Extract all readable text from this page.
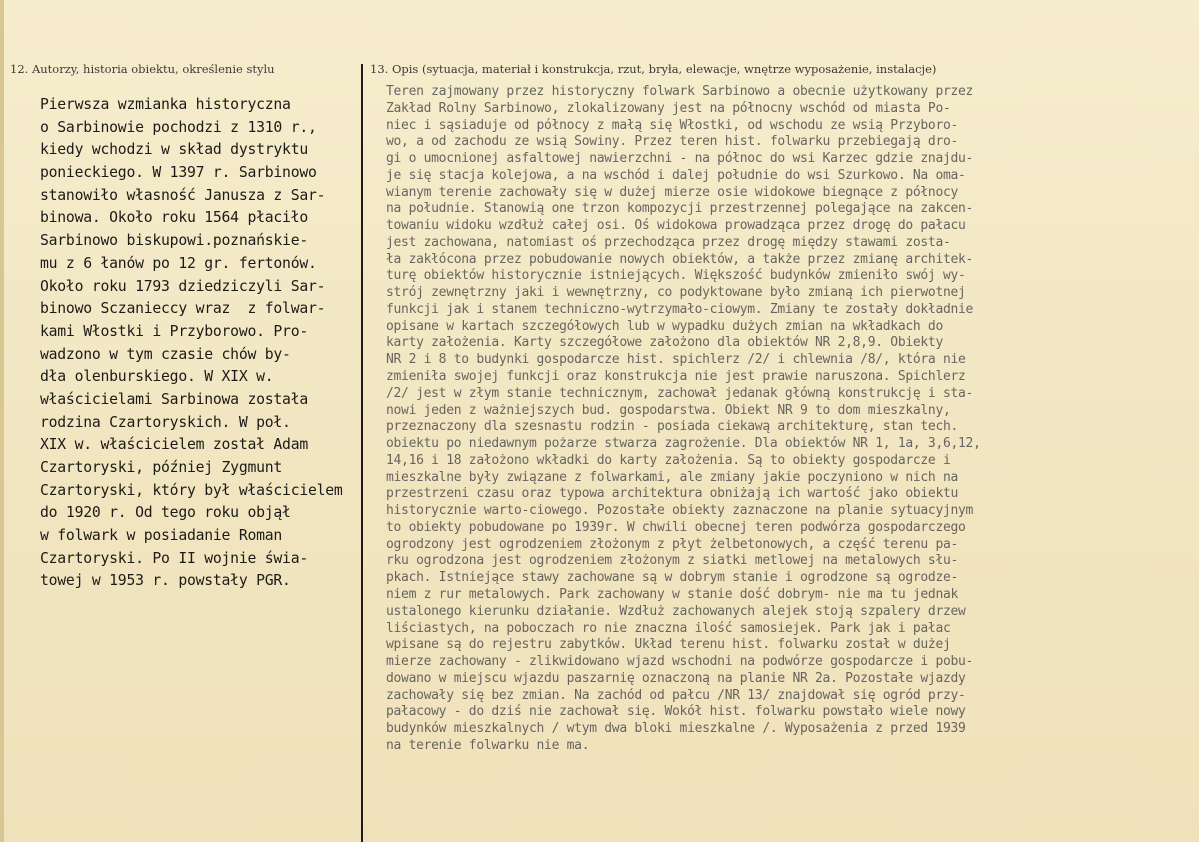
12. Autorzy, historia obiektu, określenie stylu	13. Opis (sytuacja, materiał i konstrukcja, rzut, bryła, elewacje, wnętrze wyposażenie, instalacje)
Pierwsza wzmianka historyczna
o Sarbinowie pochodzi z 1310 r.,
kiedy wchodzi w skład dystryktu
ponieckiego. W 1397 r. Sarbinowo
stanowiło własność Janusza z Sar-
binowa. Około roku 1564 płaciło
Sarbinowo biskupowi.poznańskie-
mu z 6 łanów po 12 gr. fertonów.
Około roku 1793 dziedziczyli Sar-
binowo Sczanieccy wraz  z folwar-
kami Włostki i Przyborowo. Pro-
wadzono w tym czasie chów by-
dła olenburskiego. W XIX w.
właścicielami Sarbinowa została
rodzina Czartoryskich. W poł.
XIX w. właścicielem został Adam
Czartoryski, później Zygmunt
Czartoryski, który był właścicielem
do 1920 r. Od tego roku objął
w folwark w posiadanie Roman
Czartoryski. Po II wojnie świa-
towej w 1953 r. powstały PGR.
Teren zajmowany przez historyczny folwark Sarbinowo a obecnie użytkowany przez
Zakład Rolny Sarbinowo, zlokalizowany jest na północny wschód od miasta Po-
niec i sąsiaduje od północy z małą się Włostki, od wschodu ze wsią Przyboro-
wo, a od zachodu ze wsią Sowiny. Przez teren hist. folwarku przebiegają dro-
gi o umocnionej asfaltowej nawierzchni - na północ do wsi Karzec gdzie znajdu-
je się stacja kolejowa, a na wschód i dalej południe do wsi Szurkowo. Na oma-
wianym terenie zachowały się w dużej mierze osie widokowe biegnące z północy
na południe. Stanowią one trzon kompozycji przestrzennej polegające na zakcen-
towaniu widoku wzdłuż całej osi. Oś widokowa prowadząca przez drogę do pałacu
jest zachowana, natomiast oś przechodząca przez drogę między stawami zosta-
ła zakłócona przez pobudowanie nowych obiektów, a także przez zmianę architek-
turę obiektów historycznie istniejących. Większość budynków zmieniło swój wy-
strój zewnętrzny jaki i wewnętrzny, co podyktowane było zmianą ich pierwotnej
funkcji jak i stanem techniczno-wytrzymało-ciowym. Zmiany te zostały dokładnie
opisane w kartach szczegółowych lub w wypadku dużych zmian na wkładkach do
karty założenia. Karty szczegółowe założono dla obiektów NR 2,8,9. Obiekty
NR 2 i 8 to budynki gospodarcze hist. spichlerz /2/ i chlewnia /8/, która nie
zmieniła swojej funkcji oraz konstrukcja nie jest prawie naruszona. Spichlerz
/2/ jest w złym stanie technicznym, zachował jedanak główną konstrukcję i sta-
nowi jeden z ważniejszych bud. gospodarstwa. Obiekt NR 9 to dom mieszkalny,
przeznaczony dla szesnastu rodzin - posiada ciekawą architekturę, stan tech.
obiektu po niedawnym pożarze stwarza zagrożenie. Dla obiektów NR 1, 1a, 3,6,12,
14,16 i 18 założono wkładki do karty założenia. Są to obiekty gospodarcze i
mieszkalne były związane z folwarkami, ale zmiany jakie poczyniono w nich na
przestrzeni czasu oraz typowa architektura obniżają ich wartość jako obiektu
historycznie warto-ciowego. Pozostałe obiekty zaznaczone na planie sytuacyjnym
to obiekty pobudowane po 1939r. W chwili obecnej teren podwórza gospodarczego
ogrodzony jest ogrodzeniem złożonym z płyt żelbetonowych, a część terenu pa-
rku ogrodzona jest ogrodzeniem złożonym z siatki metlowej na metalowych słu-
pkach. Istniejące stawy zachowane są w dobrym stanie i ogrodzone są ogrodze-
niem z rur metalowych. Park zachowany w stanie dość dobrym- nie ma tu jednak
ustalonego kierunku działanie. Wzdłuż zachowanych alejek stoją szpalery drzew
liściastych, na poboczach ro nie znaczna ilość samosiejek. Park jak i pałac
wpisane są do rejestru zabytków. Układ terenu hist. folwarku został w dużej
mierze zachowany - zlikwidowano wjazd wschodni na podwórze gospodarcze i pobu-
dowano w miejscu wjazdu paszarnię oznaczoną na planie NR 2a. Pozostałe wjazdy
zachowały się bez zmian. Na zachód od pałcu /NR 13/ znajdował się ogród przy-
pałacowy - do dziś nie zachował się. Wokół hist. folwarku powstało wiele nowy
budynków mieszkalnych / wtym dwa bloki mieszkalne /. Wyposażenia z przed 1939
na terenie folwarku nie ma.
